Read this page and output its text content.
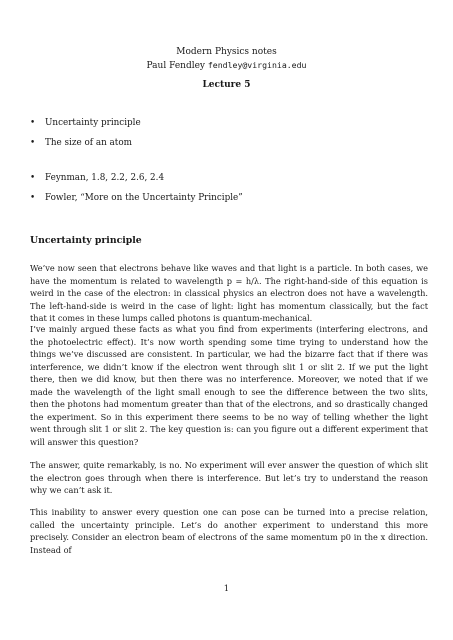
Modern Physics notes
Paul Fendley fendley@virginia.edu
Lecture 5
• Uncertainty principle
• The size of an atom
• Feynman, 1.8, 2.2, 2.6, 2.4
• Fowler, “More on the Uncertainty Principle”
Uncertainty principle

We’ve now seen that electrons behave like waves and that light is a particle. In both cases, we have the momentum is related to wavelength p = h/λ. The right-hand-side of this equation is weird in the case of the electron: in classical physics an electron does not have a wavelength. The left-hand-side is weird in the case of light: light has momentum classically, but the fact that it comes in these lumps called photons is quantum-mechanical.

I’ve mainly argued these facts as what you find from experiments (interfering electrons, and the photoelectric effect). It’s now worth spending some time trying to understand how the things we’ve discussed are consistent. In particular, we had the bizarre fact that if there was interference, we didn’t know if the electron went through slit 1 or slit 2. If we put the light there, then we did know, but then there was no interference. Moreover, we noted that if we made the wavelength of the light small enough to see the difference between the two slits, then the photons had momentum greater than that of the electrons, and so drastically changed the experiment. So in this experiment there seems to be no way of telling whether the light went through slit 1 or slit 2. The key question is: can you figure out a different experiment that will answer this question?

The answer, quite remarkably, is no. No experiment will ever answer the question of which slit the electron goes through when there is interference. But let’s try to understand the reason why we can’t ask it.

This inability to answer every question one can pose can be turned into a precise relation, called the uncertainty principle. Let’s do another experiment to understand this more precisely. Consider an electron beam of electrons of the same momentum p0 in the x direction. Instead of

1
